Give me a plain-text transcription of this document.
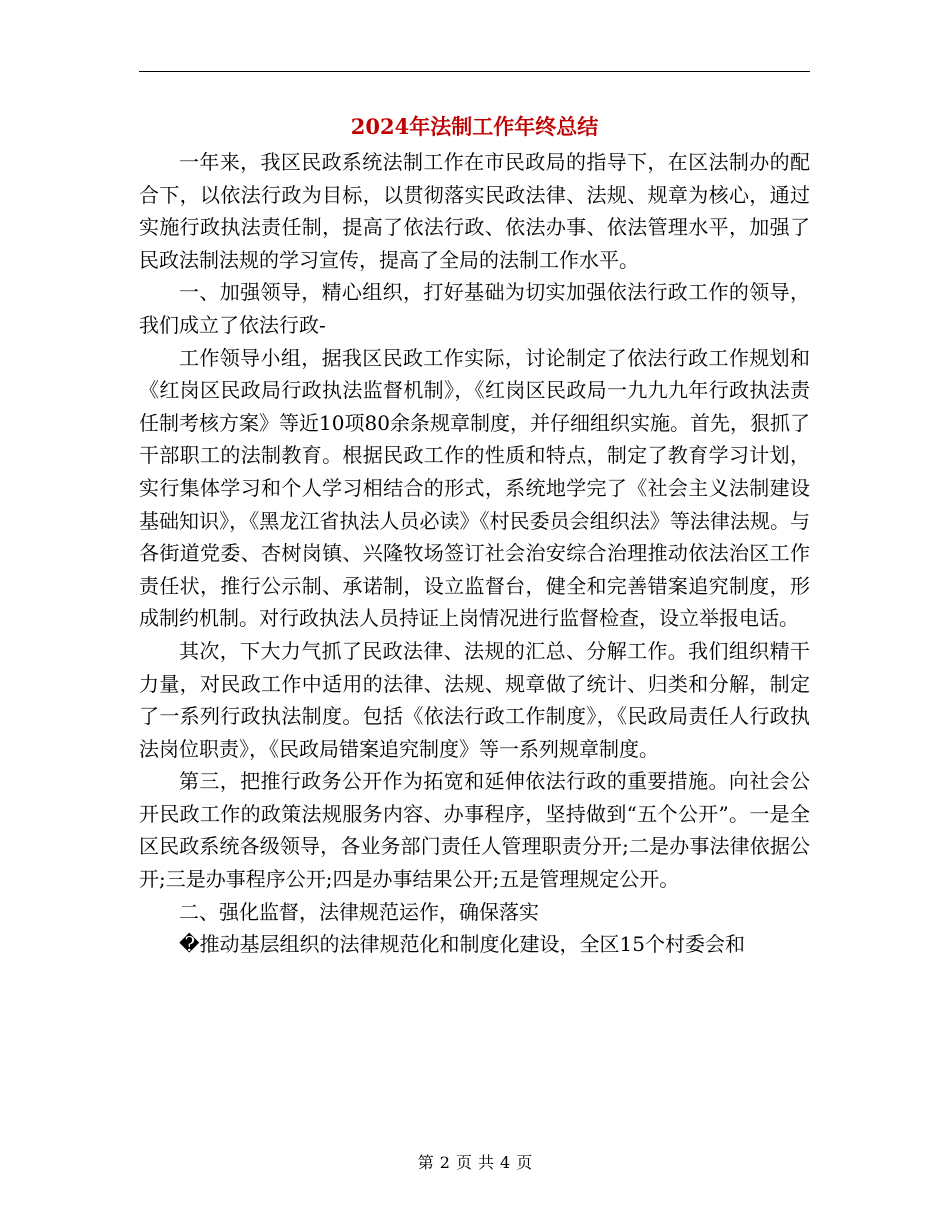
2024年法制工作年终总结

一年来，我区民政系统法制工作在市民政局的指导下，在区法制办的配合下，以依法行政为目标，以贯彻落实民政法律、法规、规章为核心，通过实施行政执法责任制，提高了依法行政、依法办事、依法管理水平，加强了民政法制法规的学习宣传，提高了全局的法制工作水平。

一、加强领导，精心组织，打好基础为切实加强依法行政工作的领导，我们成立了依法行政-

工作领导小组，据我区民政工作实际，讨论制定了依法行政工作规划和《红岗区民政局行政执法监督机制》，《红岗区民政局一九九九年行政执法责任制考核方案》等近10项80余条规章制度，并仔细组织实施。首先，狠抓了干部职工的法制教育。根据民政工作的性质和特点，制定了教育学习计划，实行集体学习和个人学习相结合的形式，系统地学完了《社会主义法制建设基础知识》，《黑龙江省执法人员必读》《村民委员会组织法》等法律法规。与各街道党委、杏树岗镇、兴隆牧场签订社会治安综合治理推动依法治区工作责任状，推行公示制、承诺制，设立监督台，健全和完善错案追究制度，形成制约机制。对行政执法人员持证上岗情况进行监督检查，设立举报电话。

其次，下大力气抓了民政法律、法规的汇总、分解工作。我们组织精干力量，对民政工作中适用的法律、法规、规章做了统计、归类和分解，制定了一系列行政执法制度。包括《依法行政工作制度》，《民政局责任人行政执法岗位职责》，《民政局错案追究制度》等一系列规章制度。

第三，把推行政务公开作为拓宽和延伸依法行政的重要措施。向社会公开民政工作的政策法规服务内容、办事程序，坚持做到“五个公开”。一是全区民政系统各级领导，各业务部门责任人管理职责分开;二是办事法律依据公开;三是办事程序公开;四是办事结果公开;五是管理规定公开。

二、强化监督，法律规范运作，确保落实

�推动基层组织的法律规范化和制度化建设，全区15个村委会和

第 2 页 共 4 页
